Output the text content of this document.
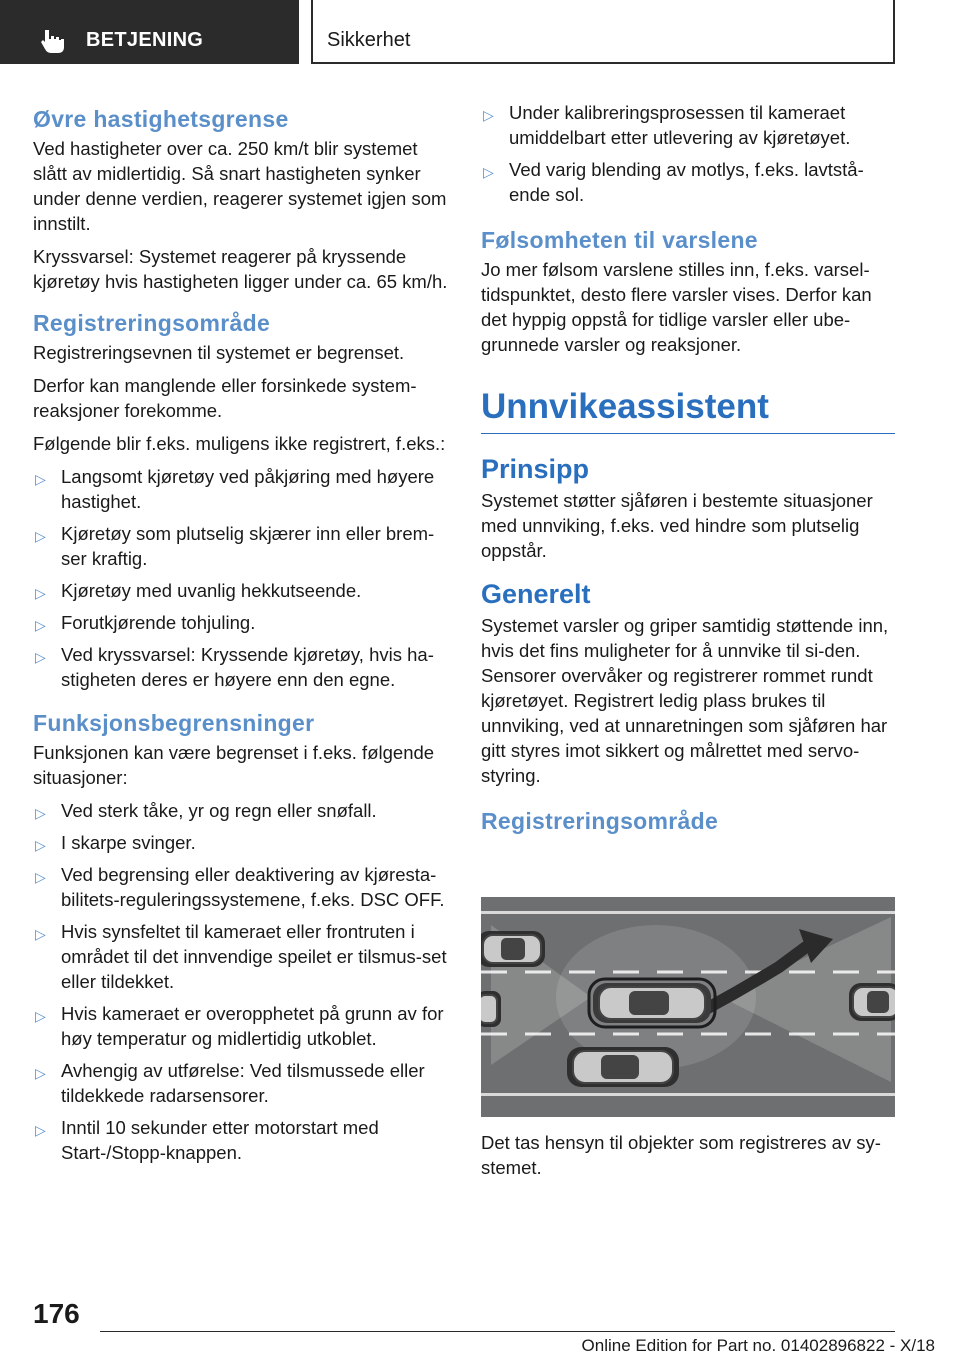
BETJENING	Sikkerhet
Øvre hastighetsgrense

Ved hastigheter over ca. 250 km/t blir systemet slått av midlertidig. Så snart hastigheten synker under denne verdien, reagerer systemet igjen som innstilt.

Kryssvarsel: Systemet reagerer på kryssende kjøretøy hvis hastigheten ligger under ca. 65 km/h.

Registreringsområde

Registreringsevnen til systemet er begrenset.

Derfor kan manglende eller forsinkede system-reaksjoner forekomme.

Følgende blir f.eks. muligens ikke registrert, f.eks.:

▷ Langsomt kjøretøy ved påkjøring med høyere hastighet.
▷ Kjøretøy som plutselig skjærer inn eller brem-ser kraftig.
▷ Kjøretøy med uvanlig hekkutseende.
▷ Forutkjørende tohjuling.
▷ Ved kryssvarsel: Kryssende kjøretøy, hvis ha-stigheten deres er høyere enn den egne.
Funksjonsbegrensninger

Funksjonen kan være begrenset i f.eks. følgende situasjoner:

▷ Ved sterk tåke, yr og regn eller snøfall.
▷ I skarpe svinger.
▷ Ved begrensing eller deaktivering av kjøresta-bilitets-reguleringssystemene, f.eks. DSC OFF.
▷ Hvis synsfeltet til kameraet eller frontruten i området til det innvendige speilet er tilsmus-set eller tildekket.
▷ Hvis kameraet er overopphetet på grunn av for høy temperatur og midlertidig utkoblet.
▷ Avhengig av utførelse: Ved tilsmussede eller tildekkede radarsensorer.
▷ Inntil 10 sekunder etter motorstart med Start-/Stopp-knappen.
▷ Under kalibreringsprosessen til kameraet umiddelbart etter utlevering av kjøretøyet.
▷ Ved varig blending av motlys, f.eks. lavtstå-ende sol.
Følsomheten til varslene

Jo mer følsom varslene stilles inn, f.eks. varsel-tidspunktet, desto flere varsler vises. Derfor kan det hyppig oppstå for tidlige varsler eller ube-grunnede varsler og reaksjoner.

Unnvikeassistent
Prinsipp

Systemet støtter sjåføren i bestemte situasjoner med unnviking, f.eks. ved hindre som plutselig oppstår.

Generelt

Systemet varsler og griper samtidig støttende inn, hvis det fins muligheter for å unnvike til si-den. Sensorer overvåker og registrerer rommet rundt kjøretøyet. Registrert ledig plass brukes til unnviking, ved at unnaretningen som sjåføren har gitt styres imot sikkert og målrettet med servo-styring.

Registreringsområde

Det tas hensyn til objekter som registreres av sy-stemet.

176
Online Edition for Part no. 01402896822 - X/18
